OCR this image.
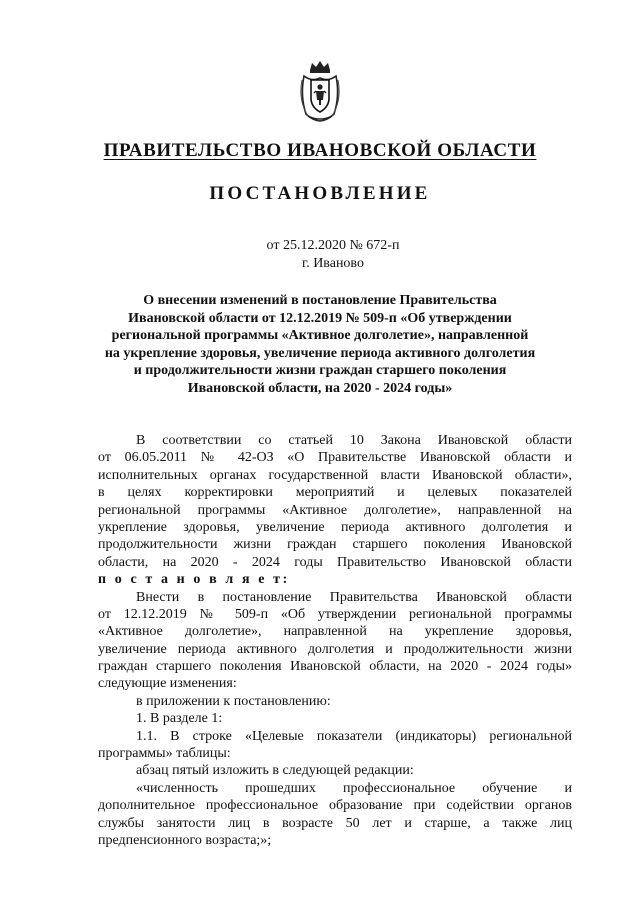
ПРАВИТЕЛЬСТВО ИВАНОВСКОЙ ОБЛАСТИ
ПОСТАНОВЛЕНИЕ
от 25.12.2020 № 672-п
г. Иваново
О внесении изменений в постановление Правительства
Ивановской области от 12.12.2019 № 509-п «Об утверждении
региональной программы «Активное долголетие», направленной
на укрепление здоровья, увеличение периода активного долголетия
и продолжительности жизни граждан старшего поколения
Ивановской области, на 2020 - 2024 годы»
В соответствии со статьей 10 Закона Ивановской области
от 06.05.2011 № 42-ОЗ «О Правительстве Ивановской области и
исполнительных органах государственной власти Ивановской области»,
в целях корректировки мероприятий и целевых показателей
региональной программы «Активное долголетие», направленной на
укрепление здоровья, увеличение периода активного долголетия и
продолжительности жизни граждан старшего поколения Ивановской
области, на 2020 - 2024 годы Правительство Ивановской области
п о с т а н о в л я е т:
Внести в постановление Правительства Ивановской области
от 12.12.2019 № 509-п «Об утверждении региональной программы
«Активное долголетие», направленной на укрепление здоровья,
увеличение периода активного долголетия и продолжительности жизни
граждан старшего поколения Ивановской области, на 2020 - 2024 годы»
следующие изменения:
в приложении к постановлению:
1. В разделе 1:
1.1. В строке «Целевые показатели (индикаторы) региональной
программы» таблицы:
абзац пятый изложить в следующей редакции:
«численность прошедших профессиональное обучение и
дополнительное профессиональное образование при содействии органов
службы занятости лиц в возрасте 50 лет и старше, а также лиц
предпенсионного возраста;»;
